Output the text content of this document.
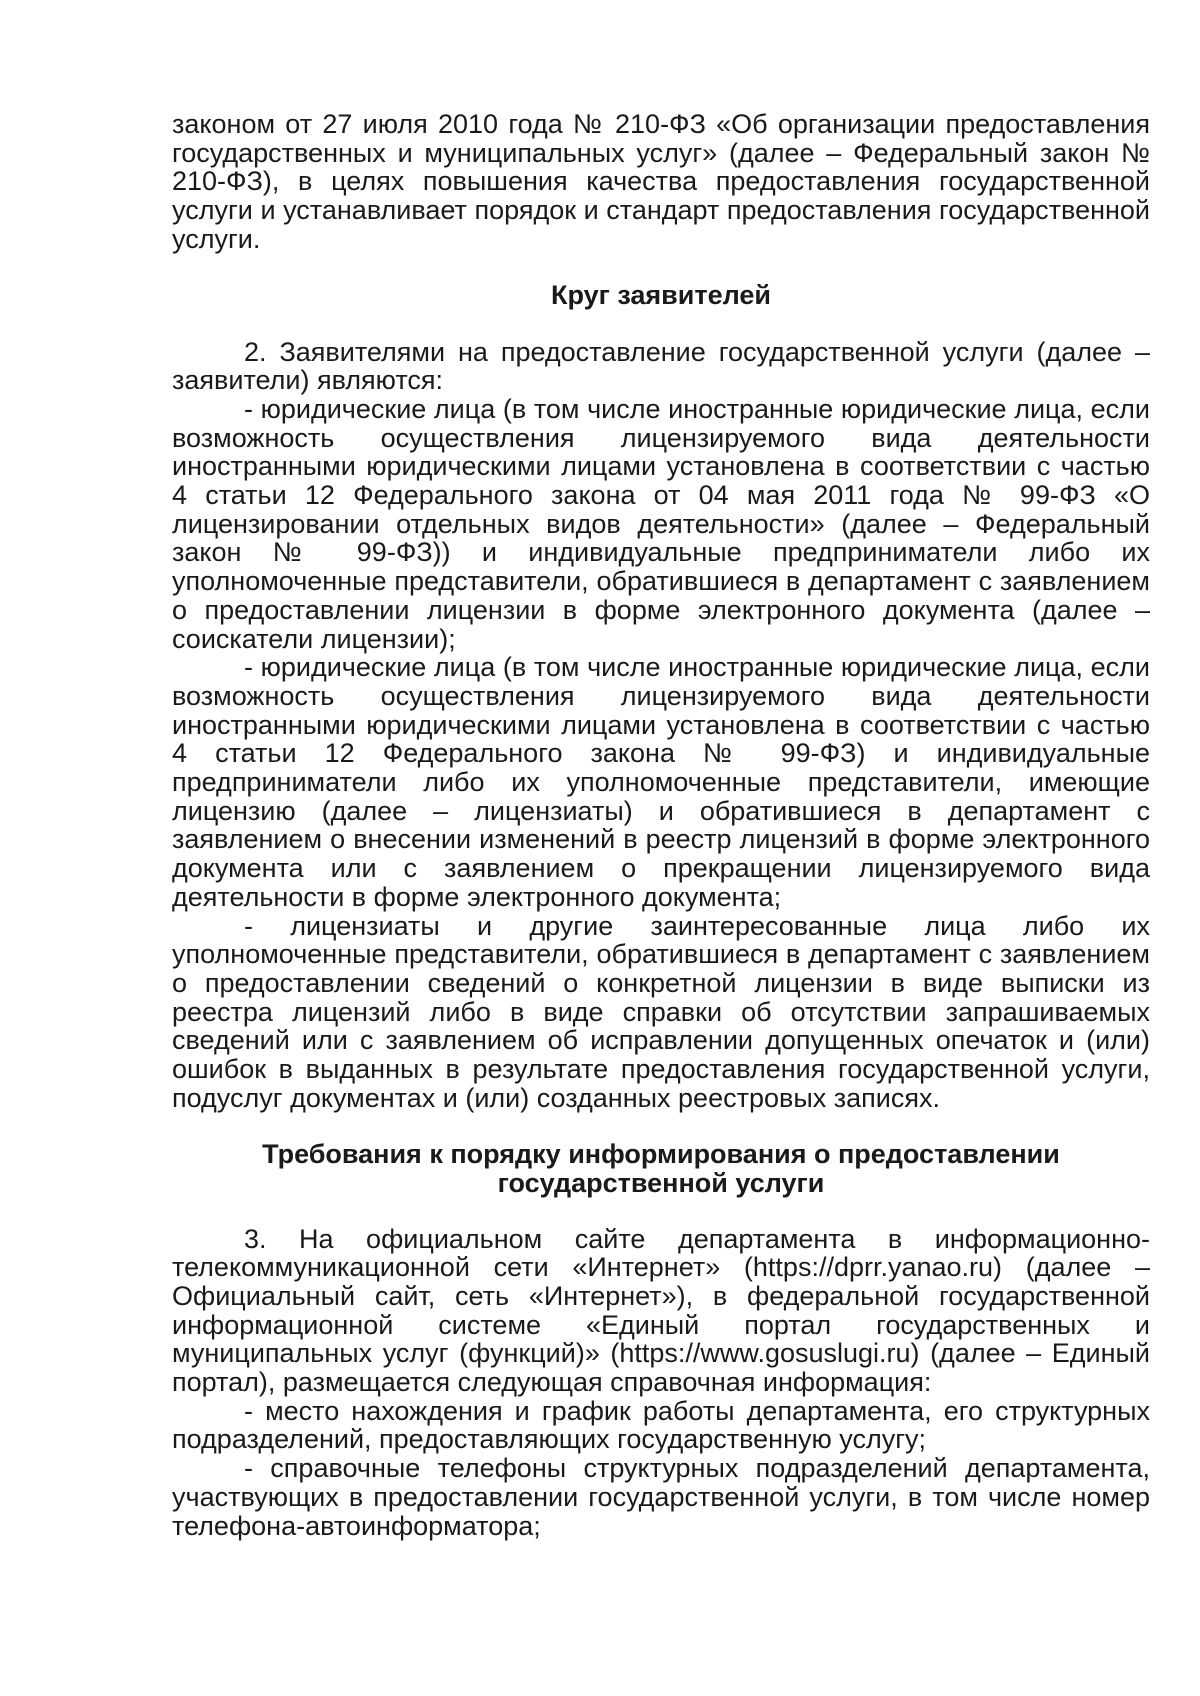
законом от 27 июля 2010 года № 210-ФЗ «Об организации предоставления государственных и муниципальных услуг» (далее – Федеральный закон № 210-ФЗ), в целях повышения качества предоставления государственной услуги и устанавливает порядок и стандарт предоставления государственной услуги.

Круг заявителей

2. Заявителями на предоставление государственной услуги (далее – заявители) являются:

- юридические лица (в том числе иностранные юридические лица, если возможность осуществления лицензируемого вида деятельности иностранными юридическими лицами установлена в соответствии с частью 4 статьи 12 Федерального закона от 04 мая 2011 года № 99-ФЗ «О лицензировании отдельных видов деятельности» (далее – Федеральный закон № 99-ФЗ)) и индивидуальные предприниматели либо их уполномоченные представители, обратившиеся в департамент с заявлением о предоставлении лицензии в форме электронного документа (далее – соискатели лицензии);

- юридические лица (в том числе иностранные юридические лица, если возможность осуществления лицензируемого вида деятельности иностранными юридическими лицами установлена в соответствии с частью 4 статьи 12 Федерального закона № 99-ФЗ) и индивидуальные предприниматели либо их уполномоченные представители, имеющие лицензию (далее – лицензиаты) и обратившиеся в департамент с заявлением о внесении изменений в реестр лицензий в форме электронного документа или с заявлением о прекращении лицензируемого вида деятельности в форме электронного документа;

- лицензиаты и другие заинтересованные лица либо их уполномоченные представители, обратившиеся в департамент с заявлением о предоставлении сведений о конкретной лицензии в виде выписки из реестра лицензий либо в виде справки об отсутствии запрашиваемых сведений или с заявлением об исправлении допущенных опечаток и (или) ошибок в выданных в результате предоставления государственной услуги, подуслуг документах и (или) созданных реестровых записях.

Требования к порядку информирования о предоставлении
государственной услуги

3. На официальном сайте департамента в информационно-телекоммуникационной сети «Интернет» (https://dprr.yanao.ru) (далее – Официальный сайт, сеть «Интернет»), в федеральной государственной информационной системе «Единый портал государственных и муниципальных услуг (функций)» (https://www.gosuslugi.ru) (далее – Единый портал), размещается следующая справочная информация:

- место нахождения и график работы департамента, его структурных подразделений, предоставляющих государственную услугу;

- справочные телефоны структурных подразделений департамента, участвующих в предоставлении государственной услуги, в том числе номер телефона-автоинформатора;
